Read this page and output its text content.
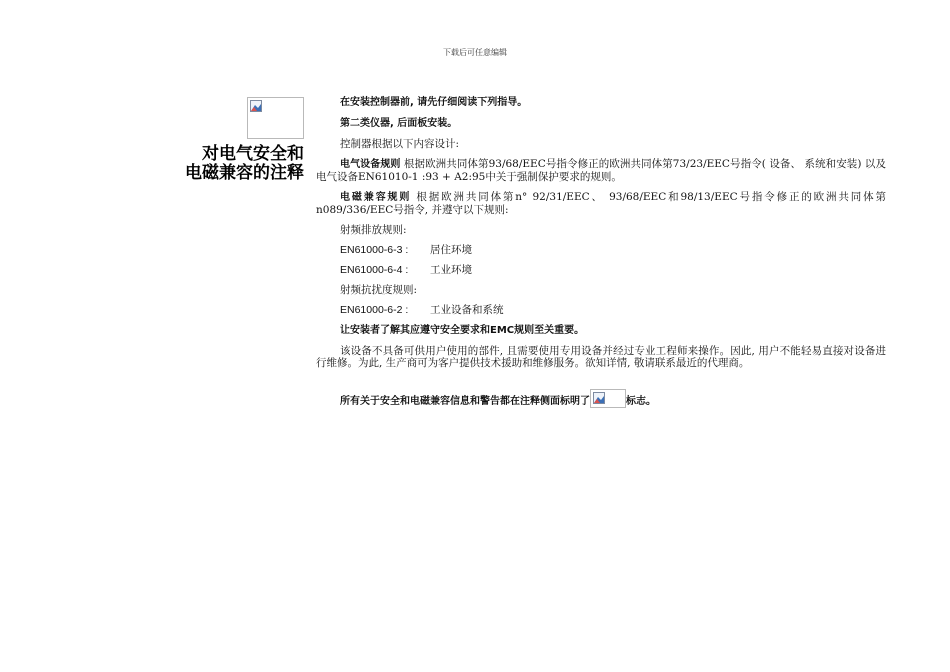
下载后可任意编辑
对电气安全和
电磁兼容的注释

在安装控制器前, 请先仔细阅读下列指导。

第二类仪器, 后面板安装。

控制器根据以下内容设计:

电气设备规则 根据欧洲共同体第93/68/EEC号指令修正的欧洲共同体第73/23/EEC号指令( 设备、 系统和安装) 以及电气设备EN61010-1 :93 + A2:95中关于强制保护要求的规则。

电磁兼容规则 根据欧洲共同体第n° 92/31/EEC、 93/68/EEC和98/13/EEC号指令修正的欧洲共同体第n089/336/EEC号指令, 并遵守以下规则:

射频排放规则:

EN61000-6-3 : 居住环境
EN61000-6-4 : 工业环境

射频抗扰度规则:

EN61000-6-2 : 工业设备和系统

让安装者了解其应遵守安全要求和EMC规则至关重要。

该设备不具备可供用户使用的部件, 且需要使用专用设备并经过专业工程师来操作。因此, 用户不能轻易直接对设备进行维修。为此, 生产商可为客户提供技术援助和维修服务。欲知详情, 敬请联系最近的代理商。

所有关于安全和电磁兼容信息和警告都在注释侧面标明了	标志。
